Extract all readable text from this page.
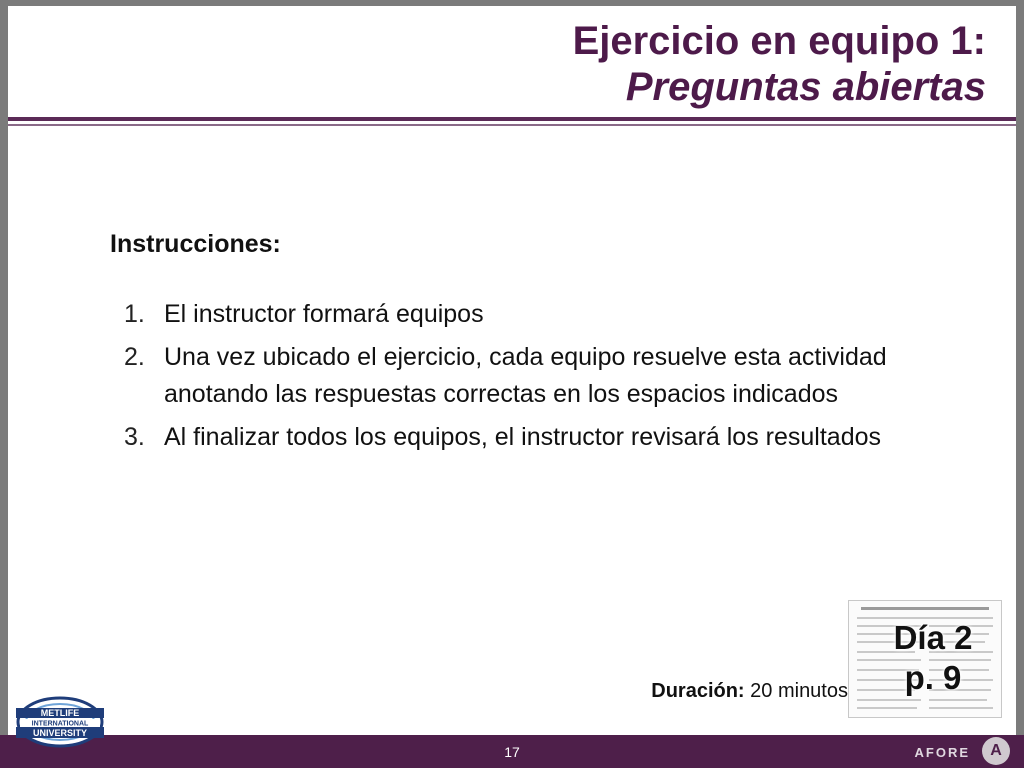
Ejercicio en equipo 1:
Preguntas abiertas
Instrucciones:
1. El instructor formará equipos
2. Una vez ubicado el ejercicio, cada equipo resuelve esta actividad anotando las respuestas correctas en los espacios indicados
3. Al finalizar todos los equipos, el instructor revisará los resultados
Duración: 20 minutos
Día 2
p. 9
17	AFORE	A
METLIFE
INTERNATIONAL
UNIVERSITY
